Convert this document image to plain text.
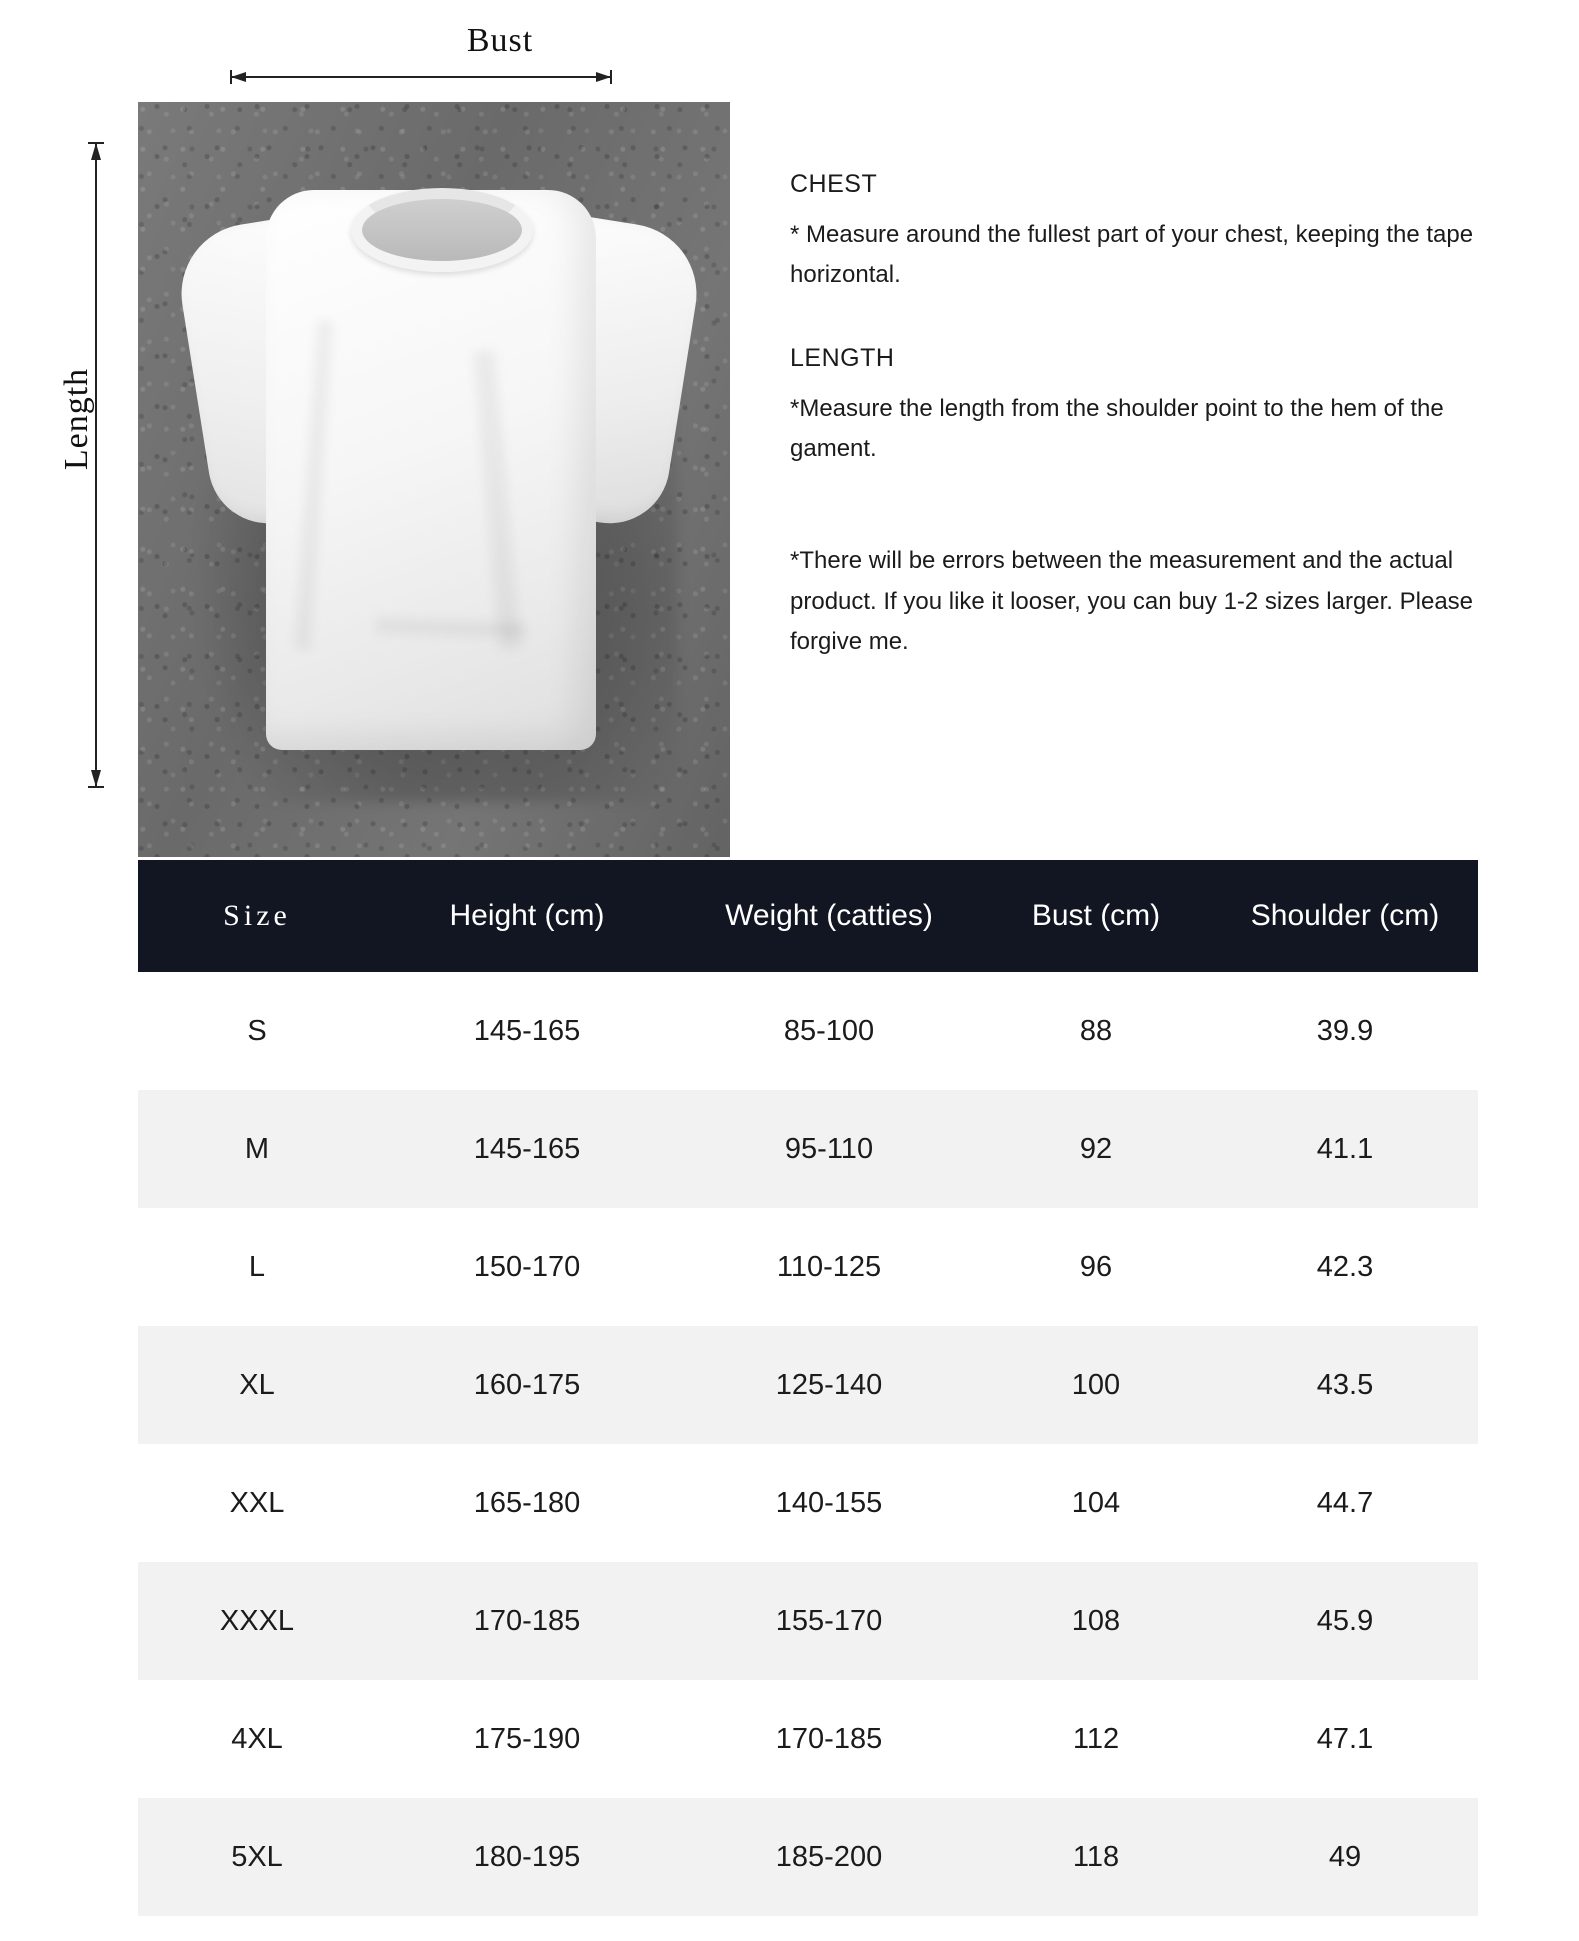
Bust
Length
CHEST

* Measure around the fullest part of your chest, keeping the tape horizontal.

LENGTH

*Measure the length from the shoulder point to the hem of the gament.

*There will be errors between the measurement and the actual product. If you like it looser, you can buy 1-2 sizes larger. Please forgive me.

Size	Height (cm)	Weight (catties)	Bust (cm)	Shoulder (cm)
S	145-165	85-100	88	39.9
M	145-165	95-110	92	41.1
L	150-170	110-125	96	42.3
XL	160-175	125-140	100	43.5
XXL	165-180	140-155	104	44.7
XXXL	170-185	155-170	108	45.9
4XL	175-190	170-185	112	47.1
5XL	180-195	185-200	118	49
